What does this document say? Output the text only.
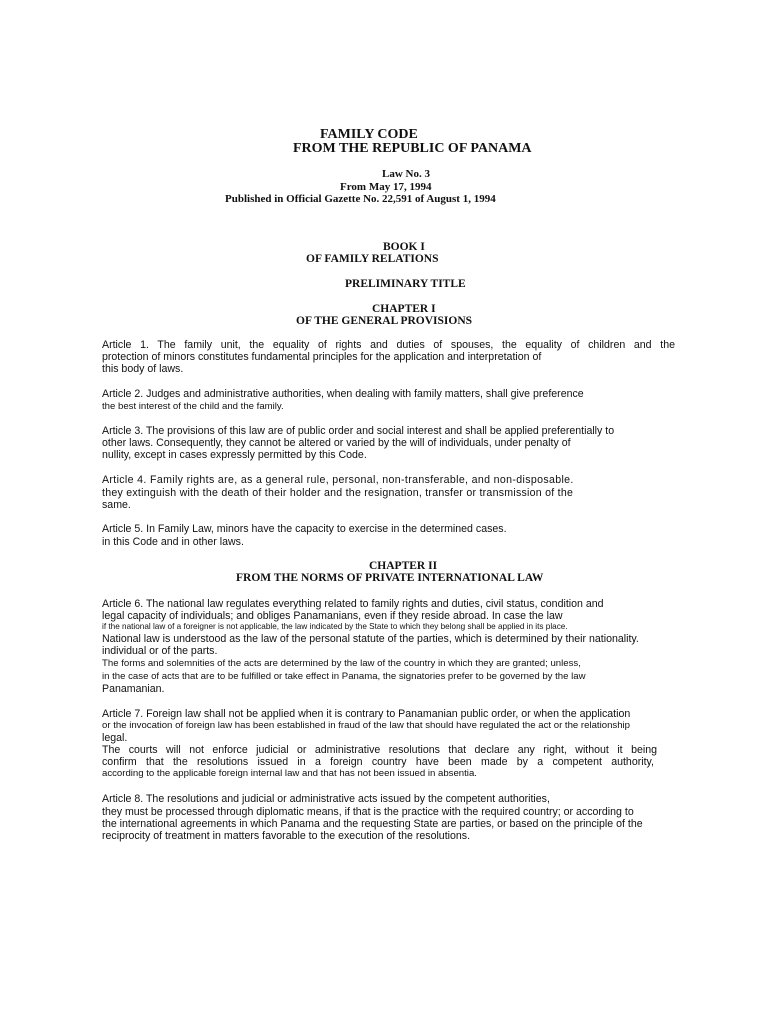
FAMILY CODE
FROM THE REPUBLIC OF PANAMA
Law No. 3
From May 17, 1994
Published in Official Gazette No. 22,591 of August 1, 1994
BOOK I
OF FAMILY RELATIONS
PRELIMINARY TITLE
CHAPTER I
OF THE GENERAL PROVISIONS
Article 1. The family unit, the equality of rights and duties of spouses, the equality of children and the
protection of minors constitutes fundamental principles for the application and interpretation of
this body of laws.
Article 2. Judges and administrative authorities, when dealing with family matters, shall give preference
the best interest of the child and the family.
Article 3. The provisions of this law are of public order and social interest and shall be applied preferentially to
other laws. Consequently, they cannot be altered or varied by the will of individuals, under penalty of
nullity, except in cases expressly permitted by this Code.
Article 4. Family rights are, as a general rule, personal, non-transferable, and non-disposable.
they extinguish with the death of their holder and the resignation, transfer or transmission of the
same.
Article 5. In Family Law, minors have the capacity to exercise in the determined cases.
in this Code and in other laws.
CHAPTER II
FROM THE NORMS OF PRIVATE INTERNATIONAL LAW
Article 6. The national law regulates everything related to family rights and duties, civil status, condition and
legal capacity of individuals; and obliges Panamanians, even if they reside abroad. In case the law
if the national law of a foreigner is not applicable, the law indicated by the State to which they belong shall be applied in its place.
National law is understood as the law of the personal statute of the parties, which is determined by their nationality.
individual or of the parts.
The forms and solemnities of the acts are determined by the law of the country in which they are granted; unless,
in the case of acts that are to be fulfilled or take effect in Panama, the signatories prefer to be governed by the law
Panamanian.
Article 7. Foreign law shall not be applied when it is contrary to Panamanian public order, or when the application
or the invocation of foreign law has been established in fraud of the law that should have regulated the act or the relationship
legal.
The courts will not enforce judicial or administrative resolutions that declare any right, without it being
confirm that the resolutions issued in a foreign country have been made by a competent authority,
according to the applicable foreign internal law and that has not been issued in absentia.
Article 8. The resolutions and judicial or administrative acts issued by the competent authorities,
they must be processed through diplomatic means, if that is the practice with the required country; or according to
the international agreements in which Panama and the requesting State are parties, or based on the principle of the
reciprocity of treatment in matters favorable to the execution of the resolutions.
